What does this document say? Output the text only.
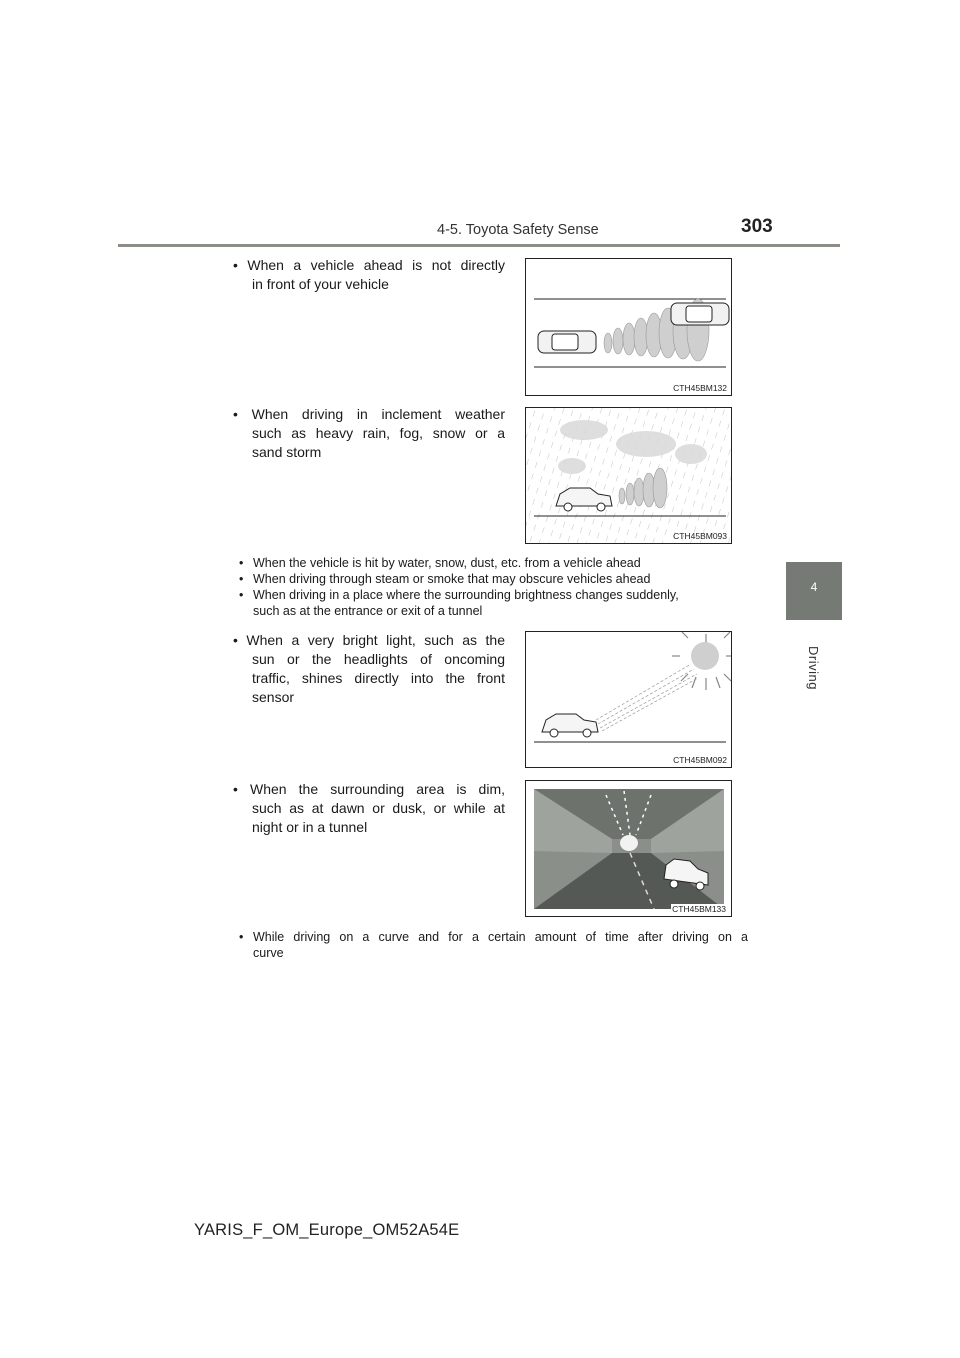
4-5. Toyota Safety Sense	303
4
Driving
• When a vehicle ahead is not directly
in front of your vehicle
CTH45BM132
• When driving in inclement weather
such as heavy rain, fog, snow or a
sand storm
CTH45BM093
• When the vehicle is hit by water, snow, dust, etc. from a vehicle ahead
• When driving through steam or smoke that may obscure vehicles ahead
• When driving in a place where the surrounding brightness changes suddenly,
such as at the entrance or exit of a tunnel
• When a very bright light, such as the
sun or the headlights of oncoming
traffic, shines directly into the front
sensor
CTH45BM092
• When the surrounding area is dim,
such as at dawn or dusk, or while at
night or in a tunnel
CTH45BM133
• While driving on a curve and for a certain amount of time after driving on a
curve
YARIS_F_OM_Europe_OM52A54E
